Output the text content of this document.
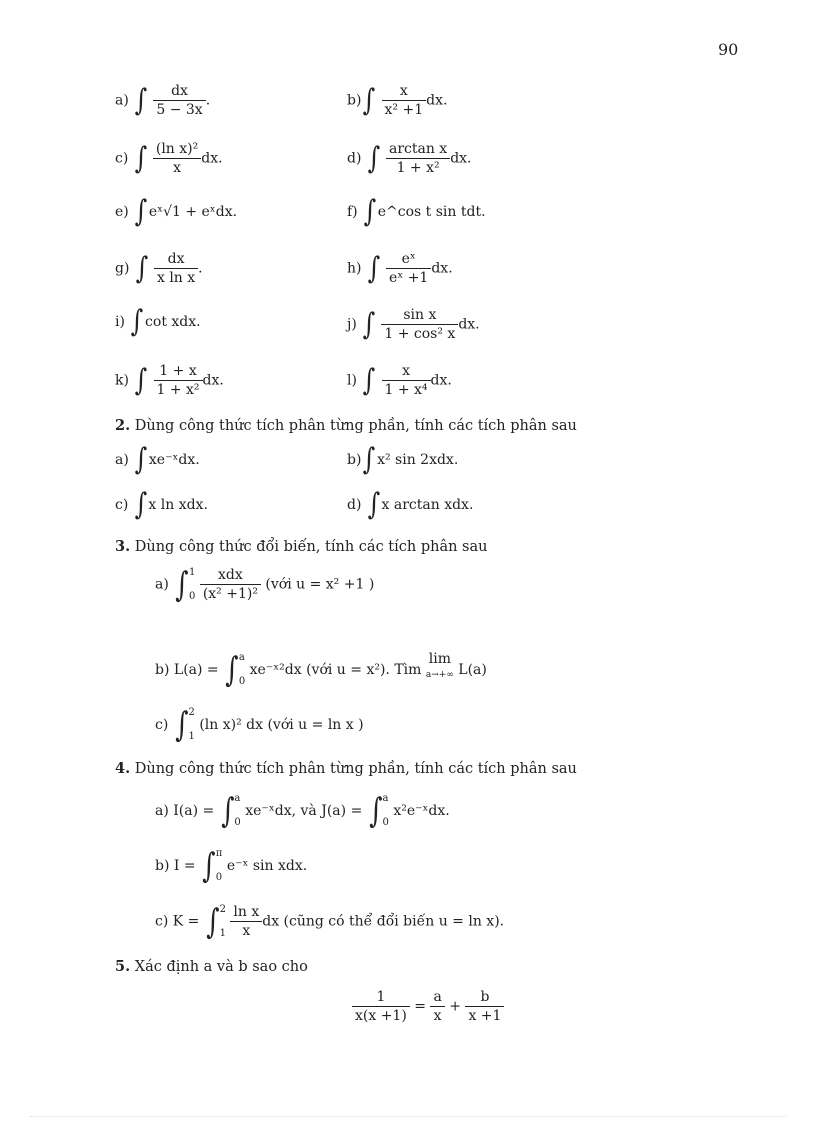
90
a) ∫ $\frac{dx}{5 - 3x}$ .	$b)\int \frac{x}{\text{x² +1}}$ dx.
c) ∫ $\frac{\text{(ln x)²}}{x}$ dx.	d) ∫ $\frac{\text{arctan x}}{\text{1 + x²}}$ dx.
e) ∫ eˣ√1 + eˣdx.	f) ∫ e^cos t sin tdt.
g) ∫ $\frac{dx}{\text{x ln x}}$ .	h) ∫ $\frac{\text{eˣ}}{\text{eˣ +1}}$ dx.
i) ∫ cot xdx.	j) ∫ $\frac{\text{sin x}}{\text{1 + cos² x}}$ dx.
k) ∫ $\frac{1 + x}{\text{1 + x²}}$ dx.	l) ∫ $\frac{x}{\text{1 + x⁴}}$ dx.
2. Dùng công thức tích phân từng phần, tính các tích phân sau
a) ∫ xe⁻ˣdx.	b)∫ x² sin 2xdx.
c) ∫ x ln xdx.	d) ∫ x arctan xdx.
3. Dùng công thức đổi biến, tính các tích phân sau
a) ∫1

$0 \frac{\text{xdx}}{\text{(x² +1)²}}$ (với u = x² +1 )
b) L(a) = ∫a

0 xe⁻ˣ²dx (với u = x²). Tìm lim
a→+∞ L(a)
c) ∫2

1 (ln x)² dx (với u = ln x )
4. Dùng công thức tích phân từng phần, tính các tích phân sau
a) I(a) = ∫a

0 xe⁻ˣdx, và J(a) = ∫a

0 x²e⁻ˣdx.
b) I = ∫π

0 e⁻ˣ sin xdx.
c) K = ∫2

$1 \frac{\text{ln x}}{x}$ dx (cũng có thể đổi biến u = ln x).
5. Xác định a và b sao cho
$\frac{1}{x(x +1)} = \frac{a}{x} + \frac{b}{x +1}$
